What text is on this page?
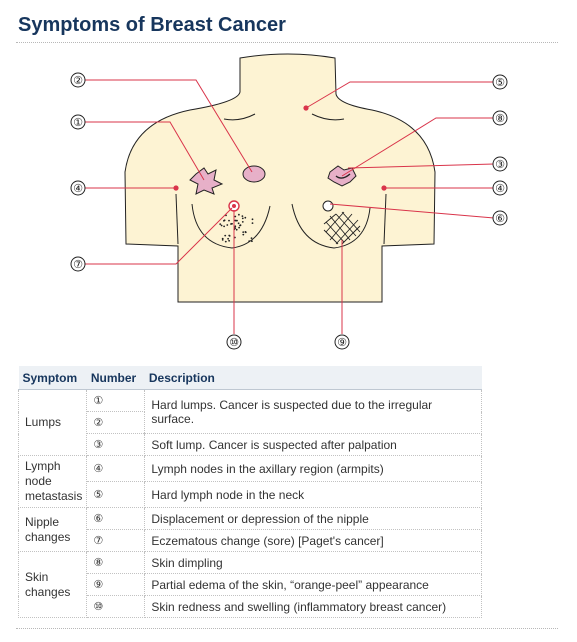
Symptoms of Breast Cancer
②
①
④
⑦
⑩	⑨
⑤
⑧
③
④
⑥
Symptom	Number	Description
Lumps	①	Hard lumps. Cancer is suspected due to the irregular surface.
	②	
	③	Soft lump. Cancer is suspected after palpation
Lymph
node
metastasis	④	Lymph nodes in the axillary region (armpits)
	⑤	Hard lymph node in the neck
Nipple
changes	⑥	Displacement or depression of the nipple
	⑦	Eczematous change (sore) [Paget's cancer]
Skin
changes	⑧	Skin dimpling
	⑨	Partial edema of the skin, “orange-peel” appearance
	⑩	Skin redness and swelling (inflammatory breast cancer)
